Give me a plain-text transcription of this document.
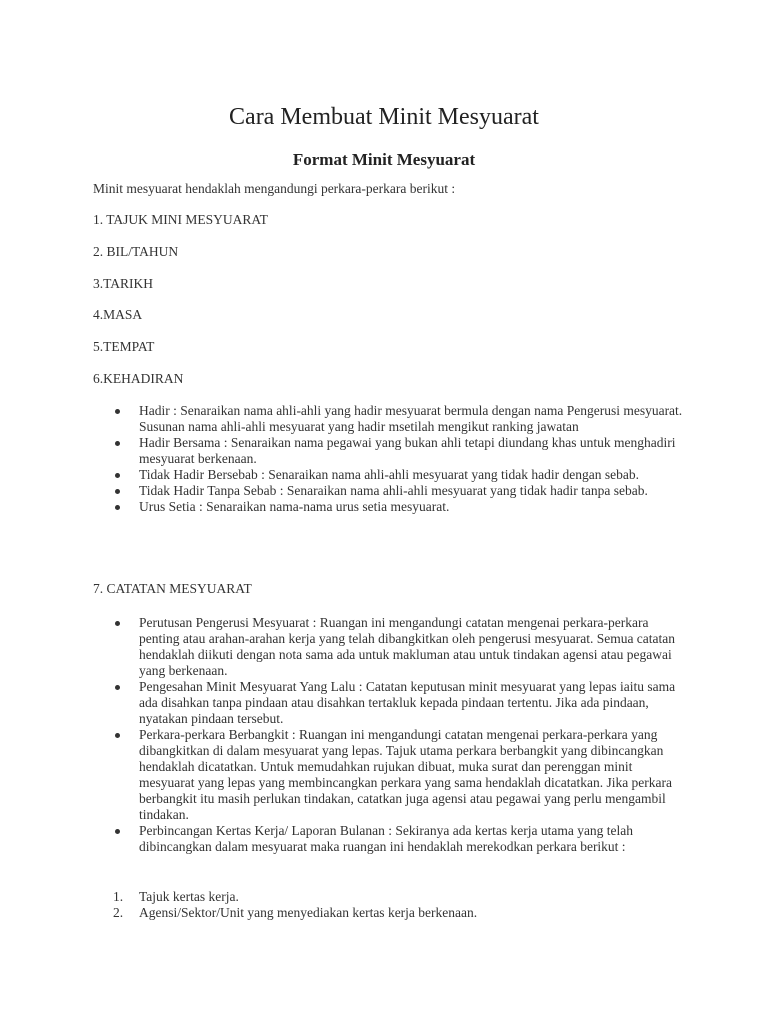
Cara Membuat Minit Mesyuarat
Format Minit Mesyuarat

Minit mesyuarat hendaklah mengandungi perkara-perkara berikut :

1. TAJUK MINI MESYUARAT

2. BIL/TAHUN

3.TARIKH

4.MASA

5.TEMPAT

6.KEHADIRAN

Hadir : Senaraikan nama ahli-ahli yang hadir mesyuarat bermula dengan nama Pengerusi mesyuarat. Susunan nama ahli-ahli mesyuarat yang hadir msetilah mengikut ranking jawatan
Hadir Bersama : Senaraikan nama pegawai yang bukan ahli tetapi diundang khas untuk menghadiri mesyuarat berkenaan.
Tidak Hadir Bersebab : Senaraikan nama ahli-ahli mesyuarat yang tidak hadir dengan sebab.
Tidak Hadir Tanpa Sebab : Senaraikan nama ahli-ahli mesyuarat yang tidak hadir tanpa sebab.
Urus Setia : Senaraikan nama-nama urus setia mesyuarat.

7. CATATAN MESYUARAT

Perutusan Pengerusi Mesyuarat : Ruangan ini mengandungi catatan mengenai perkara-perkara penting atau arahan-arahan kerja yang telah dibangkitkan oleh pengerusi mesyuarat. Semua catatan hendaklah diikuti dengan nota sama ada untuk makluman atau untuk tindakan agensi atau pegawai yang berkenaan.
Pengesahan Minit Mesyuarat Yang Lalu : Catatan keputusan minit mesyuarat yang lepas iaitu sama ada disahkan tanpa pindaan atau disahkan tertakluk kepada pindaan tertentu. Jika ada pindaan, nyatakan pindaan tersebut.
Perkara-perkara Berbangkit : Ruangan ini mengandungi catatan mengenai perkara-perkara yang dibangkitkan di dalam mesyuarat yang lepas. Tajuk utama perkara berbangkit yang dibincangkan hendaklah dicatatkan. Untuk memudahkan rujukan dibuat, muka surat dan perenggan minit mesyuarat yang lepas yang membincangkan perkara yang sama hendaklah dicatatkan. Jika perkara berbangkit itu masih perlukan tindakan, catatkan juga agensi atau pegawai yang perlu mengambil tindakan.
Perbincangan Kertas Kerja/ Laporan Bulanan : Sekiranya ada kertas kerja utama yang telah dibincangkan dalam mesyuarat maka ruangan ini hendaklah merekodkan perkara berikut :
1. Tajuk kertas kerja.
2. Agensi/Sektor/Unit yang menyediakan kertas kerja berkenaan.
